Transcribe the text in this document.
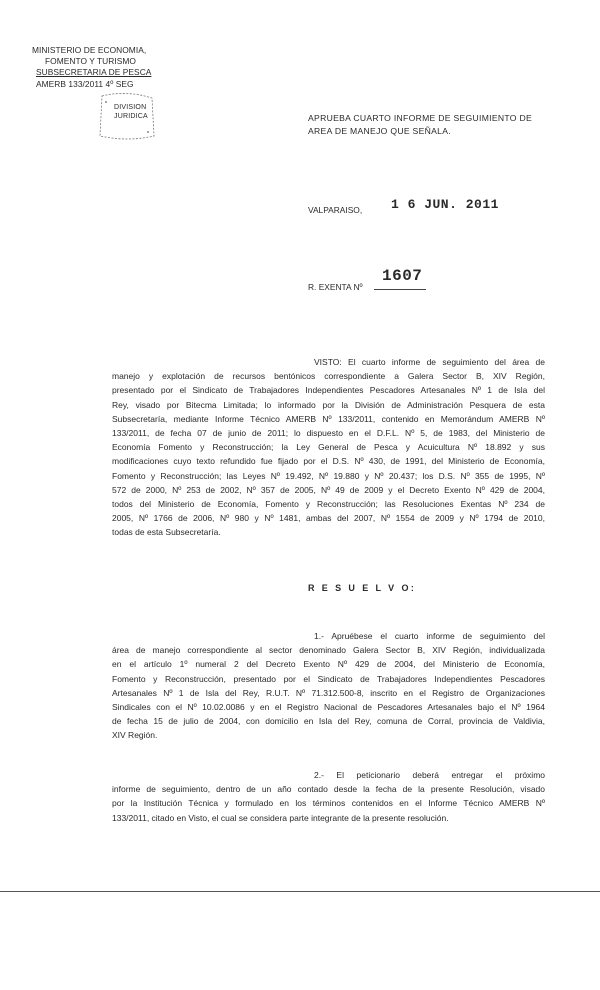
MINISTERIO DE ECONOMIA,
FOMENTO Y TURISMO
SUBSECRETARIA DE PESCA
AMERB 133/2011 4º SEG
DIVISION
JURIDICA	APRUEBA CUARTO INFORME DE SEGUIMIENTO DE
AREA DE MANEJO QUE SEÑALA.
VALPARAISO, 1 6 JUN. 2011
R. EXENTA Nº
1607
VISTO: El cuarto informe de seguimiento del área de
manejo y explotación de recursos bentónicos correspondiente a Galera Sector B, XIV Región,
presentado por el Sindicato de Trabajadores Independientes Pescadores Artesanales Nº 1 de Isla del
Rey, visado por Bitecma Limitada; lo informado por la División de Administración Pesquera de esta
Subsecretaría, mediante Informe Técnico AMERB Nº 133/2011, contenido en Memorándum AMERB Nº
133/2011, de fecha 07 de junio de 2011; lo dispuesto en el D.F.L. Nº 5, de 1983, del Ministerio de
Economía Fomento y Reconstrucción; la Ley General de Pesca y Acuicultura Nº 18.892 y sus
modificaciones cuyo texto refundido fue fijado por el D.S. Nº 430, de 1991, del Ministerio de Economía,
Fomento y Reconstrucción; las Leyes Nº 19.492, Nº 19.880 y Nº 20.437; los D.S. Nº 355 de 1995, Nº
572 de 2000, Nº 253 de 2002, Nº 357 de 2005, Nº 49 de 2009 y el Decreto Exento Nº 429 de 2004,
todos del Ministerio de Economía, Fomento y Reconstrucción; las Resoluciones Exentas Nº 234 de
2005, Nº 1766 de 2006, Nº 980 y Nº 1481, ambas del 2007, Nº 1554 de 2009 y Nº 1794 de 2010,
todas de esta Subsecretaría.
R E S U E L V O:
1.- Apruébese el cuarto informe de seguimiento del
área de manejo correspondiente al sector denominado Galera Sector B, XIV Región, individualizada
en el artículo 1º numeral 2 del Decreto Exento Nº 429 de 2004, del Ministerio de Economía,
Fomento y Reconstrucción, presentado por el Sindicato de Trabajadores Independientes Pescadores
Artesanales Nº 1 de Isla del Rey, R.U.T. Nº 71.312.500-8, inscrito en el Registro de Organizaciones
Sindicales con el Nº 10.02.0086 y en el Registro Nacional de Pescadores Artesanales bajo el Nº 1964
de fecha 15 de julio de 2004, con domicilio en Isla del Rey, comuna de Corral, provincia de Valdivia,
XIV Región.
2.- El peticionario deberá entregar el próximo
informe de seguimiento, dentro de un año contado desde la fecha de la presente Resolución, visado
por la Institución Técnica y formulado en los términos contenidos en el Informe Técnico AMERB Nº
133/2011, citado en Visto, el cual se considera parte integrante de la presente resolución.
